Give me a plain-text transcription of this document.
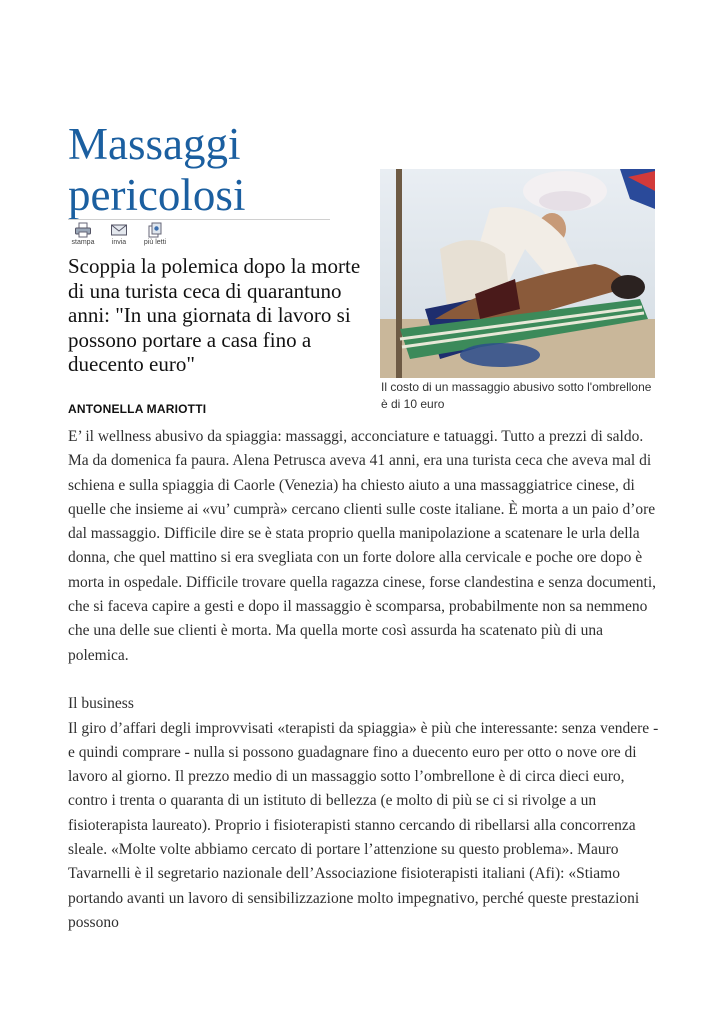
Massaggi
pericolosi
stampa	invia	più letti
Scoppia la polemica dopo la morte di una turista ceca di quarantuno anni: "In una giornata di lavoro si possono portare a casa fino a duecento euro"
ANTONELLA MARIOTTI
Il costo di un massaggio abusivo sotto l'ombrellone è di 10 euro

E’ il wellness abusivo da spiaggia: massaggi, acconciature e tatuaggi. Tutto a prezzi di saldo. Ma da domenica fa paura. Alena Petrusca aveva 41 anni, era una turista ceca che aveva mal di schiena e sulla spiaggia di Caorle (Venezia) ha chiesto aiuto a una massaggiatrice cinese, di quelle che insieme ai «vu’ cumprà» cercano clienti sulle coste italiane. È morta a un paio d’ore dal massaggio. Difficile dire se è stata proprio quella manipolazione a scatenare le urla della donna, che quel mattino si era svegliata con un forte dolore alla cervicale e poche ore dopo è morta in ospedale. Difficile trovare quella ragazza cinese, forse clandestina e senza documenti, che si faceva capire a gesti e dopo il massaggio è scomparsa, probabilmente non sa nemmeno che una delle sue clienti è morta. Ma quella morte così assurda ha scatenato più di una polemica.

Il business

Il giro d’affari degli improvvisati «terapisti da spiaggia» è più che interessante: senza vendere - e quindi comprare - nulla si possono guadagnare fino a duecento euro per otto o nove ore di lavoro al giorno. Il prezzo medio di un massaggio sotto l’ombrellone è di circa dieci euro, contro i trenta o quaranta di un istituto di bellezza (e molto di più se ci si rivolge a un fisioterapista laureato). Proprio i fisioterapisti stanno cercando di ribellarsi alla concorrenza sleale. «Molte volte abbiamo cercato di portare l’attenzione su questo problema». Mauro Tavarnelli è il segretario nazionale dell’Associazione fisioterapisti italiani (Afi): «Stiamo portando avanti un lavoro di sensibilizzazione molto impegnativo, perché queste prestazioni possono
